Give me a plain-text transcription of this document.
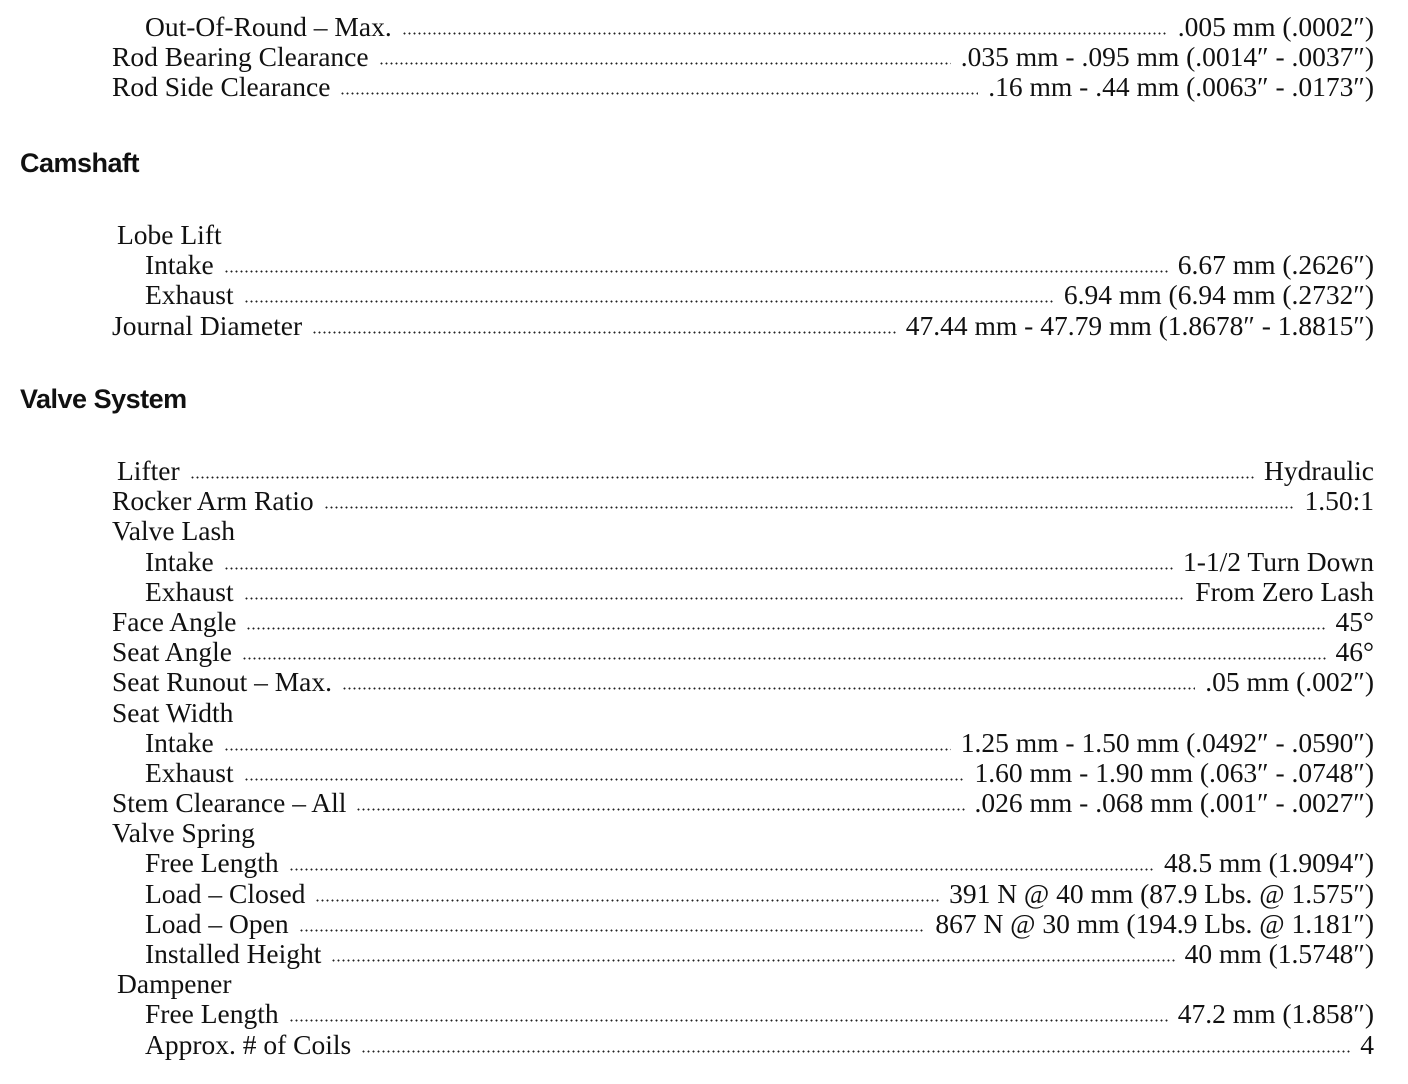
Out-Of-Round – Max.	.005 mm (.0002″)
Rod Bearing Clearance	.035 mm - .095 mm (.0014″ - .0037″)
Rod Side Clearance	.16 mm - .44 mm (.0063″ - .0173″)
Camshaft
Lobe Lift
Intake	6.67 mm (.2626″)
Exhaust	6.94 mm (6.94 mm (.2732″)
Journal Diameter	47.44 mm - 47.79 mm (1.8678″ - 1.8815″)
Valve System
Lifter	Hydraulic
Rocker Arm Ratio	1.50:1
Valve Lash
Intake	1-1/2 Turn Down
Exhaust	From Zero Lash
Face Angle	45°
Seat Angle	46°
Seat Runout – Max.	.05 mm (.002″)
Seat Width
Intake	1.25 mm - 1.50 mm (.0492″ - .0590″)
Exhaust	1.60 mm - 1.90 mm (.063″ - .0748″)
Stem Clearance – All	.026 mm - .068 mm (.001″ - .0027″)
Valve Spring
Free Length	48.5 mm (1.9094″)
Load – Closed	391 N @ 40 mm (87.9 Lbs. @ 1.575″)
Load – Open	867 N @ 30 mm (194.9 Lbs. @ 1.181″)
Installed Height	40 mm (1.5748″)
Dampener
Free Length	47.2 mm (1.858″)
Approx. # of Coils	4
